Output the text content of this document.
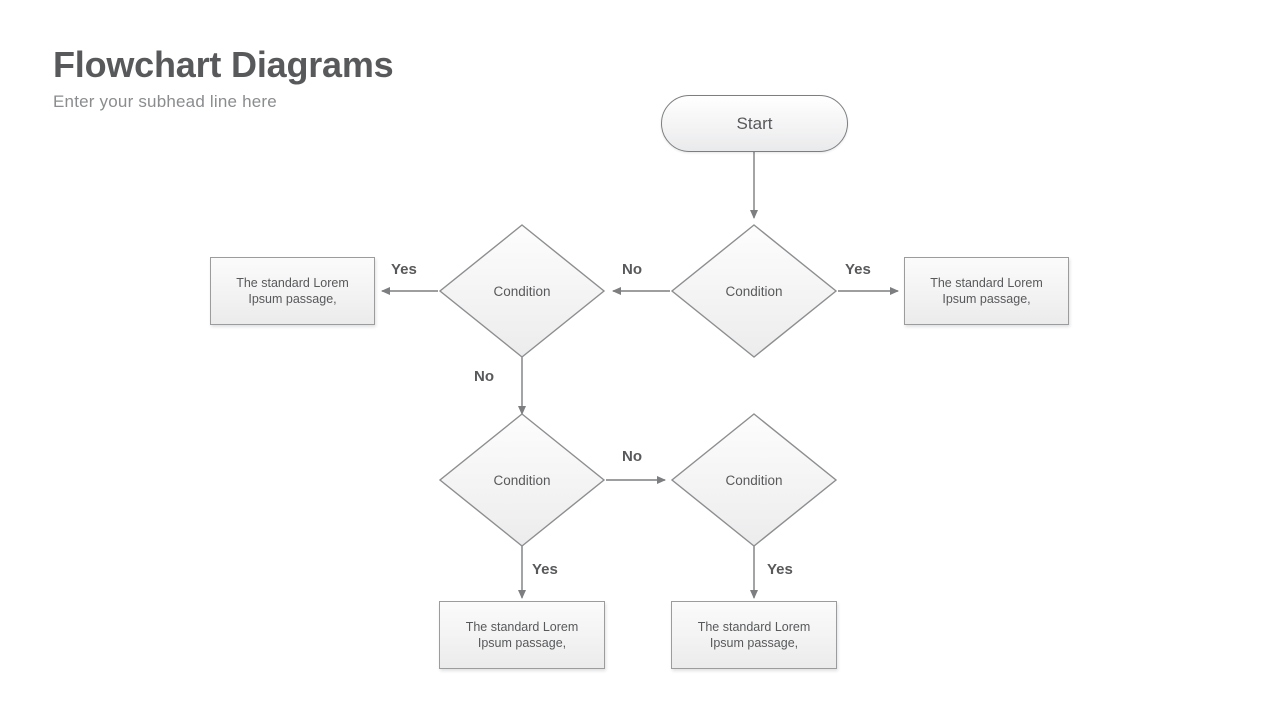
Flowchart Diagrams
Enter your subhead line here
Start
Condition
Condition
Condition	Condition
The standard Lorem Ipsum passage,
The standard Lorem Ipsum passage,
The standard Lorem Ipsum passage,
The standard Lorem Ipsum passage,
Yes
No
Yes
No
No
Yes	Yes
